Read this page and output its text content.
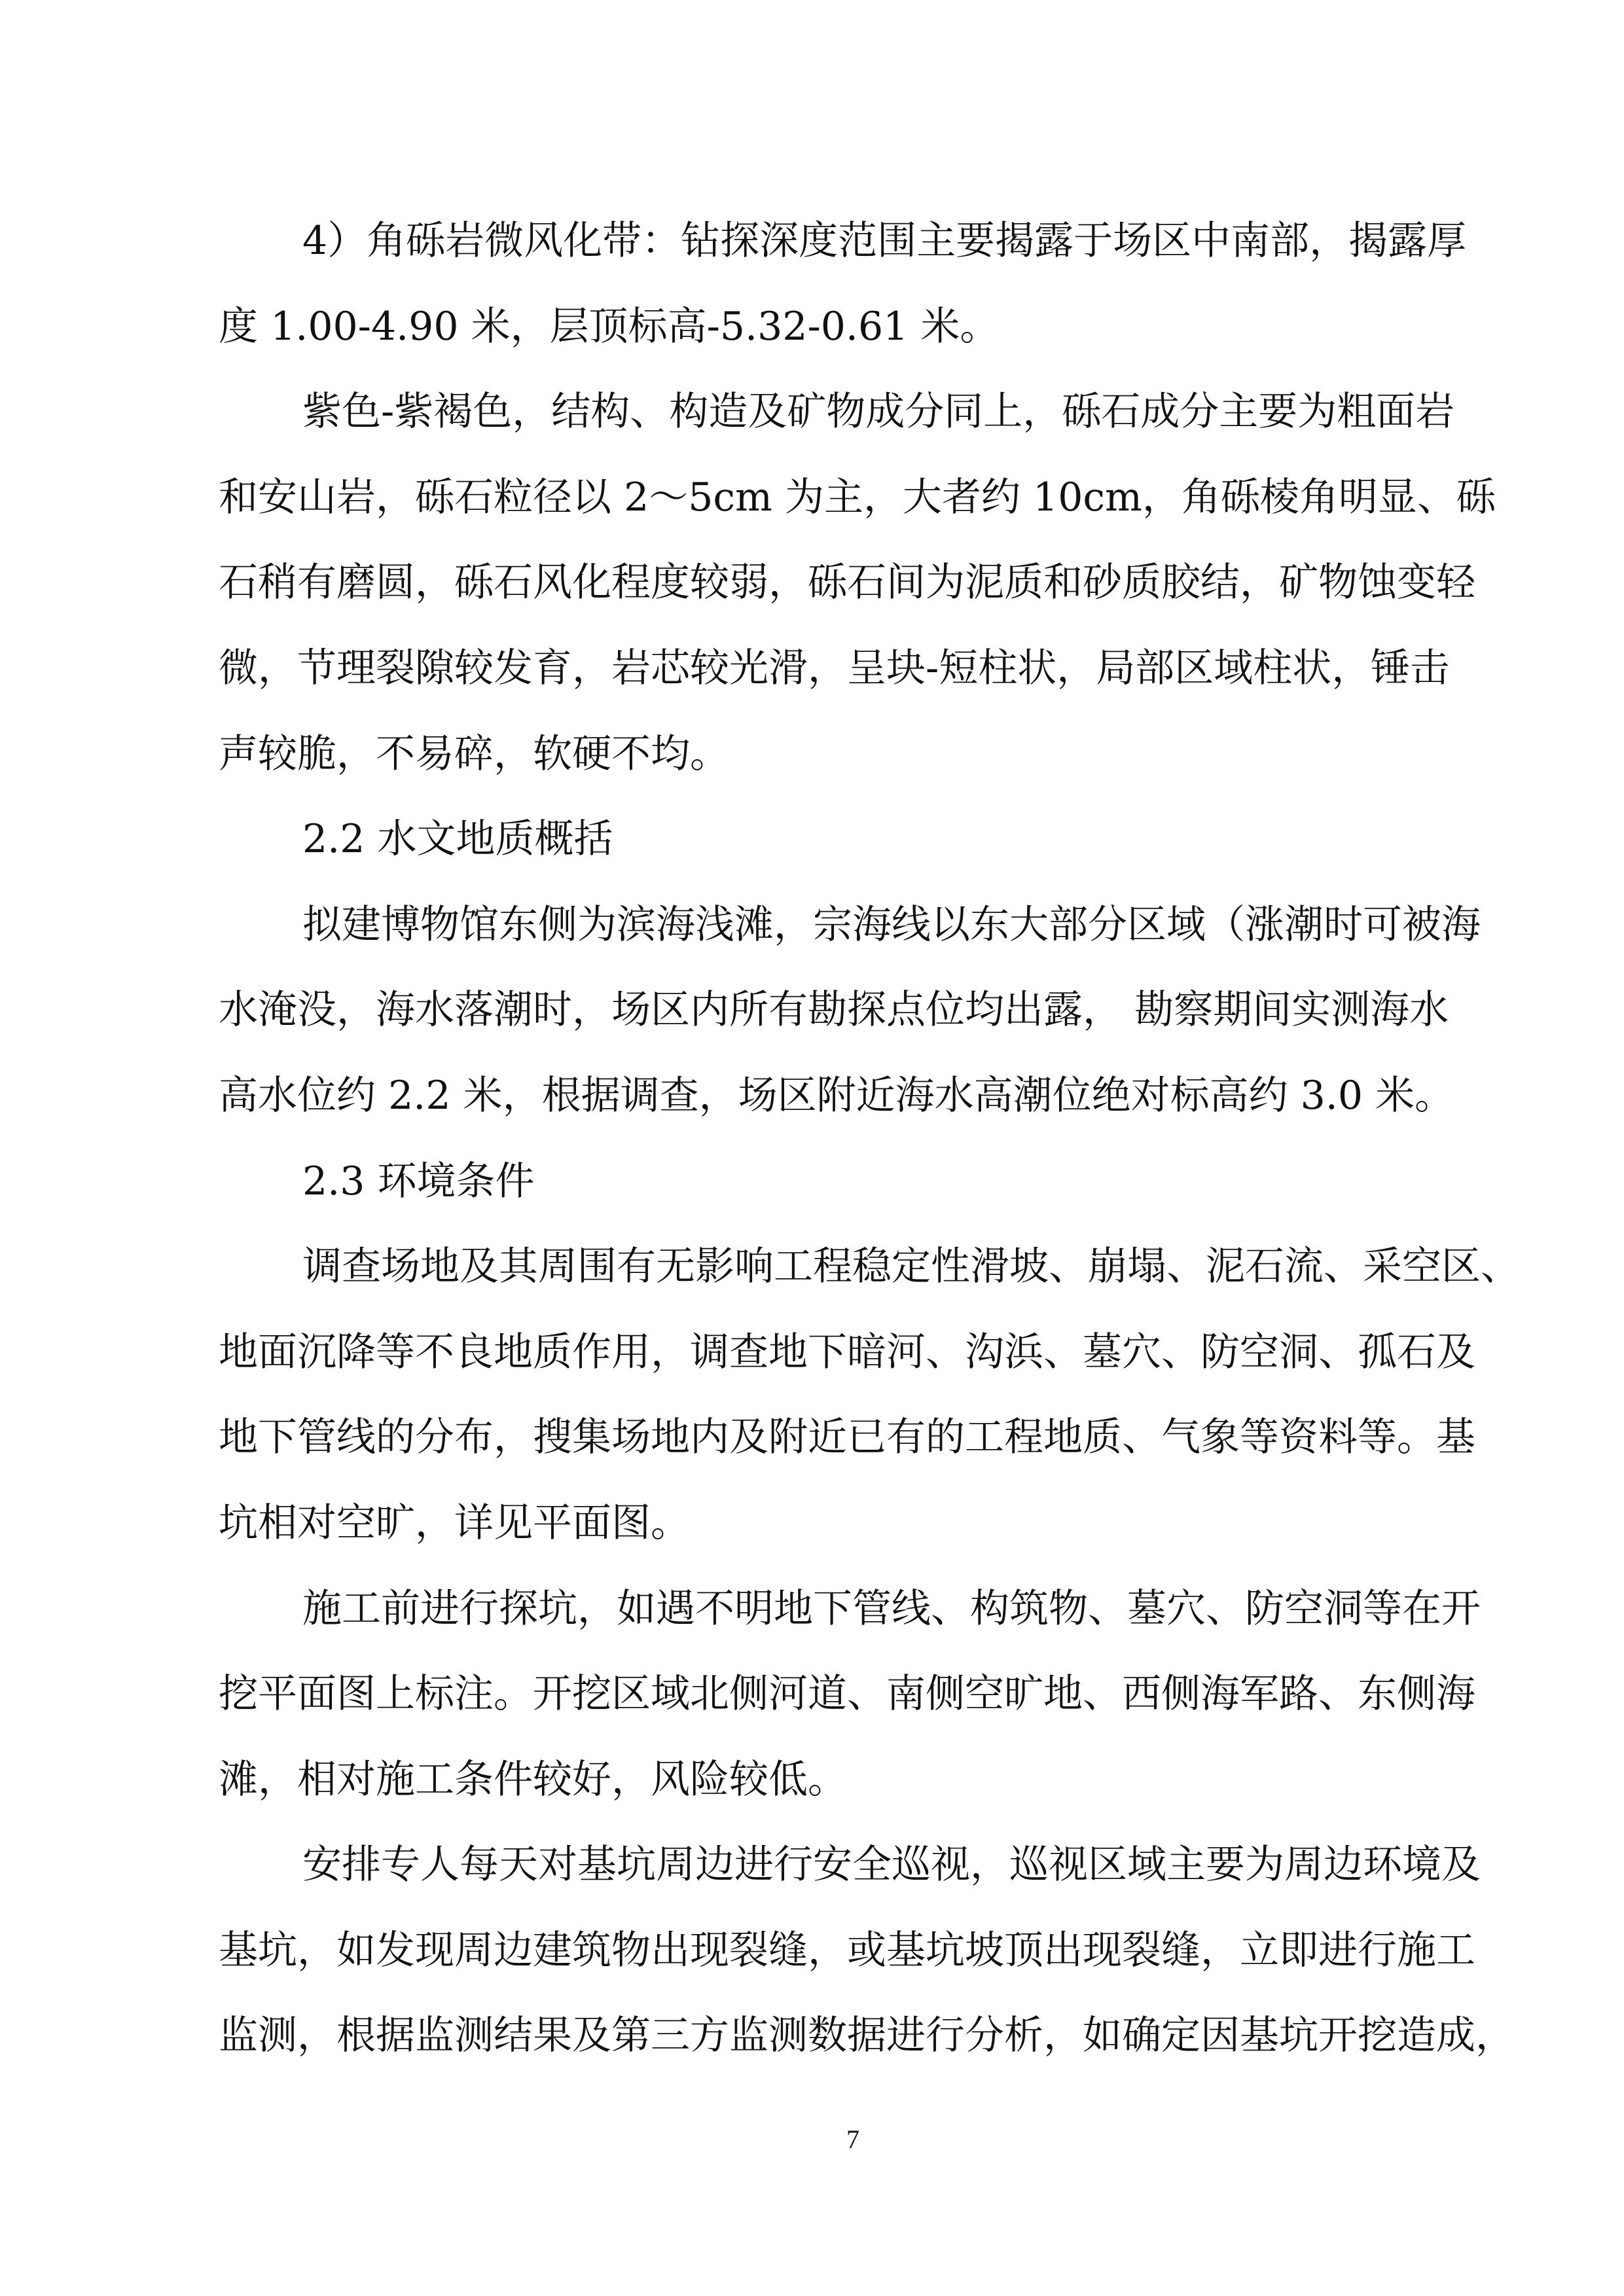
4）角砾岩微风化带：钻探深度范围主要揭露于场区中南部，揭露厚
度 1.00-4.90 米，层顶标高-5.32-0.61 米。
紫色-紫褐色，结构、构造及矿物成分同上，砾石成分主要为粗面岩
和安山岩，砾石粒径以 2～5cm 为主，大者约 10cm，角砾棱角明显、砾
石稍有磨圆，砾石风化程度较弱，砾石间为泥质和砂质胶结，矿物蚀变轻
微，节理裂隙较发育，岩芯较光滑，呈块-短柱状，局部区域柱状，锤击
声较脆，不易碎，软硬不均。
2.2 水文地质概括
拟建博物馆东侧为滨海浅滩，宗海线以东大部分区域（涨潮时可被海
水淹没，海水落潮时，场区内所有勘探点位均出露， 勘察期间实测海水
高水位约 2.2 米，根据调查，场区附近海水高潮位绝对标高约 3.0 米。
2.3 环境条件
调查场地及其周围有无影响工程稳定性滑坡、崩塌、泥石流、采空区、
地面沉降等不良地质作用，调查地下暗河、沟浜、墓穴、防空洞、孤石及
地下管线的分布，搜集场地内及附近已有的工程地质、气象等资料等。基
坑相对空旷，详见平面图。
施工前进行探坑，如遇不明地下管线、构筑物、墓穴、防空洞等在开
挖平面图上标注。开挖区域北侧河道、南侧空旷地、西侧海军路、东侧海
滩，相对施工条件较好，风险较低。
安排专人每天对基坑周边进行安全巡视，巡视区域主要为周边环境及
基坑，如发现周边建筑物出现裂缝，或基坑坡顶出现裂缝，立即进行施工
监测，根据监测结果及第三方监测数据进行分析，如确定因基坑开挖造成，
7
